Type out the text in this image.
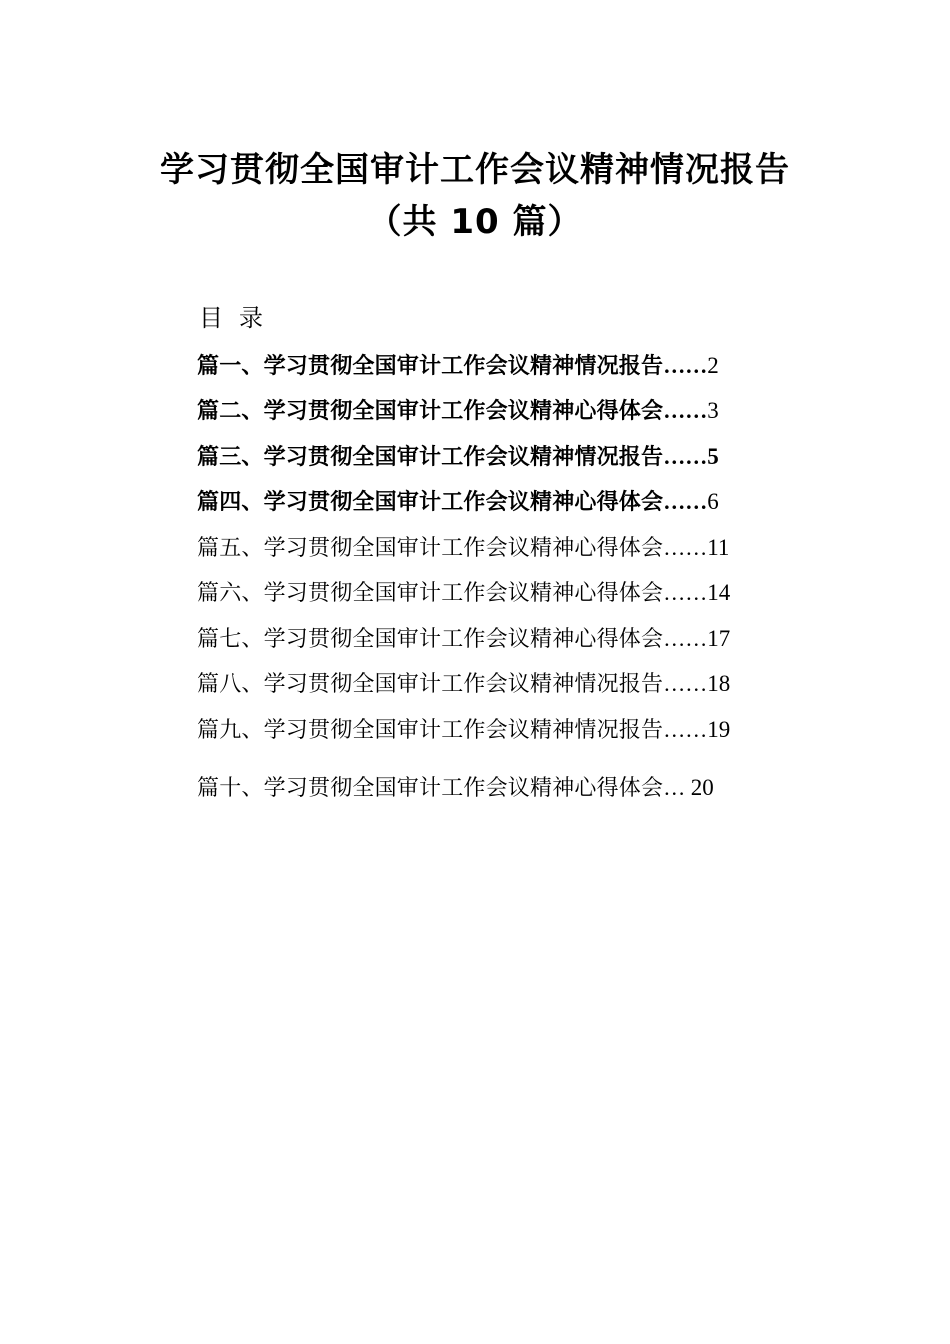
学习贯彻全国审计工作会议精神情况报告
（共 10 篇）
目录
篇一、学习贯彻全国审计工作会议精神情况报告 …… 2
篇二、学习贯彻全国审计工作会议精神心得体会 …… 3
篇三、学习贯彻全国审计工作会议精神情况报告 …… 5
篇四、学习贯彻全国审计工作会议精神心得体会 …… 6
篇五、学习贯彻全国审计工作会议精神心得体会 …… 11
篇六、学习贯彻全国审计工作会议精神心得体会 …… 14
篇七、学习贯彻全国审计工作会议精神心得体会 …… 17
篇八、学习贯彻全国审计工作会议精神情况报告 …… 18
篇九、学习贯彻全国审计工作会议精神情况报告 …… 19
篇十、学习贯彻全国审计工作会议精神心得体会 … 20
